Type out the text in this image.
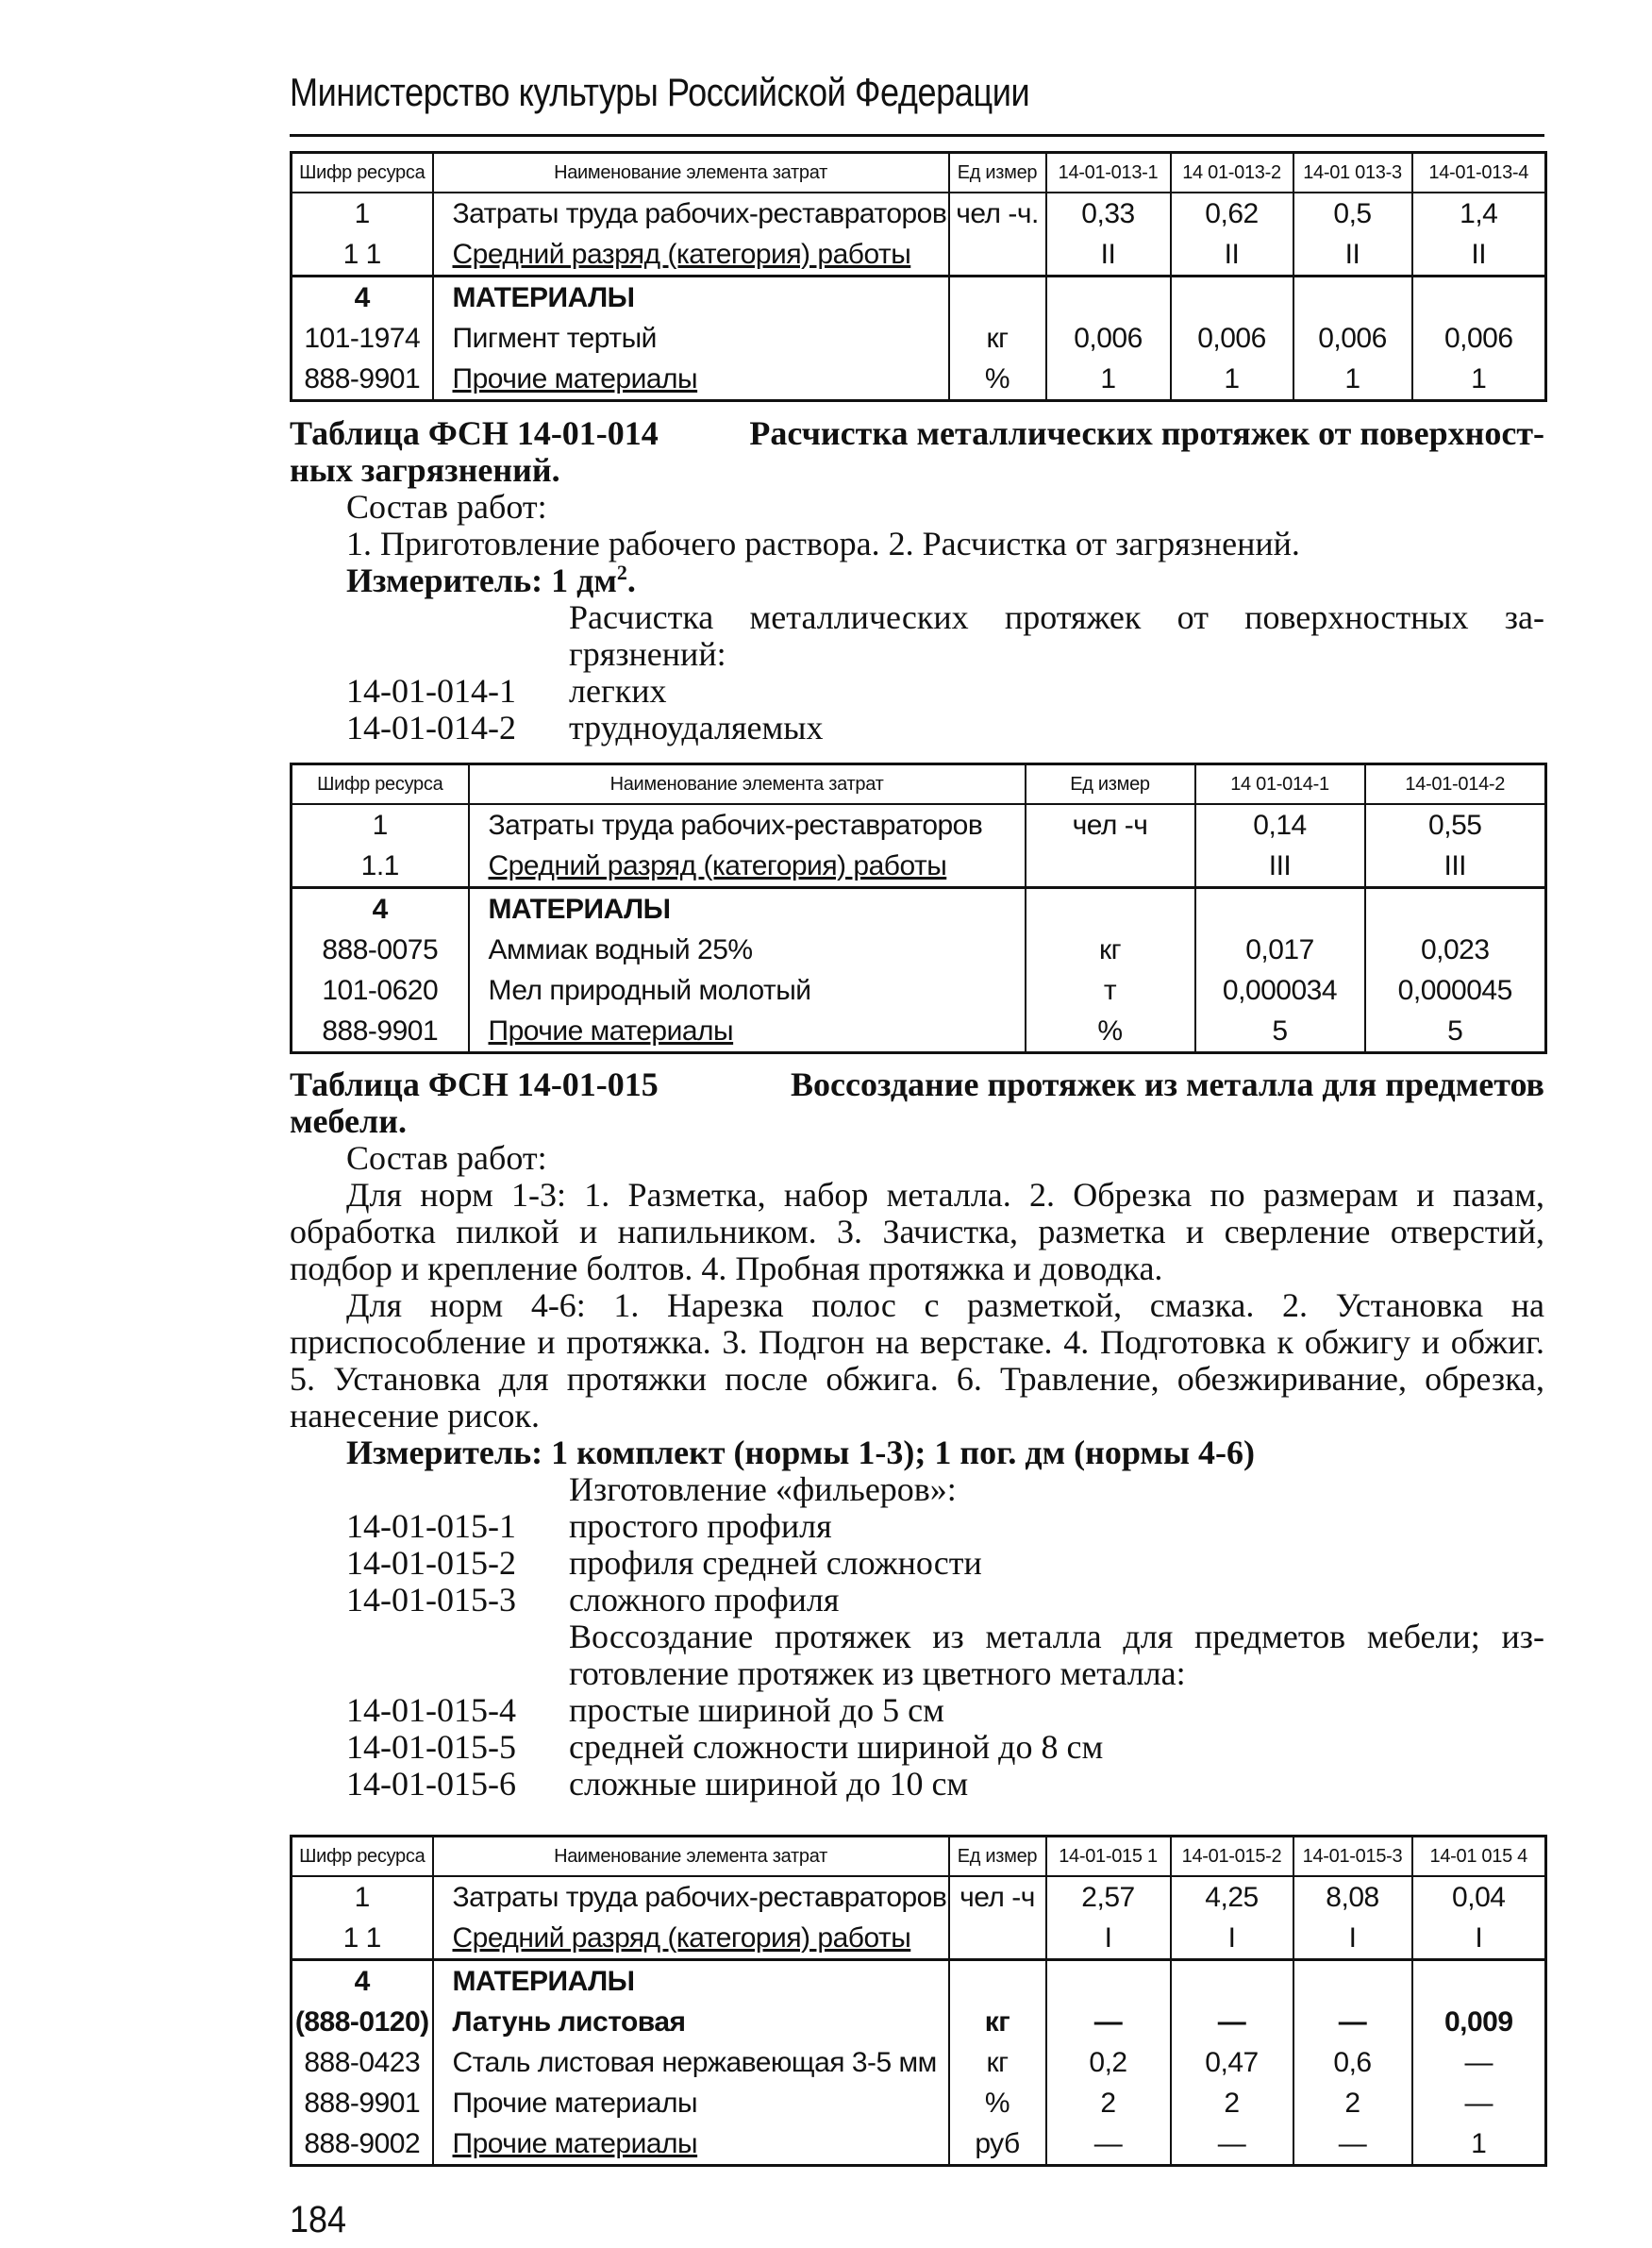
Министерство культуры Российской Федерации
Шифр ресурса	Наименование элемента затрат	Ед измер	14-01-013-1	14 01-013-2	14-01 013-3	14-01-013-4
1	Затраты труда рабочих-реставраторов	чел -ч.	0,33	0,62	0,5	1,4
1 1	Средний разряд (категория) работы		II	II	II	II
4	МАТЕРИАЛЫ					
101-1974	Пигмент тертый	кг	0,006	0,006	0,006	0,006
888-9901	Прочие материалы	%	1	1	1	1
Таблица ФСН 14-01-014	Расчистка металлических протяжек от поверхност-
ных загрязнений.
Состав работ:
1. Приготовление рабочего раствора. 2. Расчистка от загрязнений.
Измеритель: 1 $дм^2$.
Расчистка металлических протяжек от поверхностных за-
грязнений:
14-01-014-1 легких
14-01-014-2 трудноудаляемых
Шифр ресурса	Наименование элемента затрат	Ед измер	14 01-014-1	14-01-014-2
1	Затраты труда рабочих-реставраторов	чел -ч	0,14	0,55
1.1	Средний разряд (категория) работы		III	III
4	МАТЕРИАЛЫ			
888-0075	Аммиак водный 25%	кг	0,017	0,023
101-0620	Мел природный молотый	т	0,000034	0,000045
888-9901	Прочие материалы	%	5	5
Таблица ФСН 14-01-015	Воссоздание протяжек из металла для предметов
мебели.
Состав работ:
Для норм 1-3: 1. Разметка, набор металла. 2. Обрезка по размерам и пазам, обработка пилкой и напильником. 3. Зачистка, разметка и сверление отверстий, подбор и крепление болтов. 4. Пробная протяжка и доводка.
Для норм 4-6: 1. Нарезка полос с разметкой, смазка. 2. Установка на приспособление и протяжка. 3. Подгон на верстаке. 4. Подготовка к обжигу и обжиг. 5. Установка для протяжки после обжига. 6. Травление, обезжиривание, обрезка, нанесение рисок.
Измеритель: 1 комплект (нормы 1-3); 1 пог. дм (нормы 4-6)
Изготовление «фильеров»:
14-01-015-1 простого профиля
14-01-015-2 профиля средней сложности
14-01-015-3 сложного профиля
Воссоздание протяжек из металла для предметов мебели; из-
готовление протяжек из цветного металла:
14-01-015-4 простые шириной до 5 см
14-01-015-5 средней сложности шириной до 8 см
14-01-015-6 сложные шириной до 10 см
Шифр ресурса	Наименование элемента затрат	Ед измер	14-01-015 1	14-01-015-2	14-01-015-3	14-01 015 4
1	Затраты труда рабочих-реставраторов	чел -ч	2,57	4,25	8,08	0,04
1 1	Средний разряд (категория) работы		I	I	I	I
4	МАТЕРИАЛЫ					
(888-0120)	Латунь листовая	кг	—	—	—	0,009
888-0423	Сталь листовая нержавеющая 3-5 мм	кг	0,2	0,47	0,6	—
888-9901	Прочие материалы	%	2	2	2	—
888-9002	Прочие материалы	руб	—	—	—	1
184
